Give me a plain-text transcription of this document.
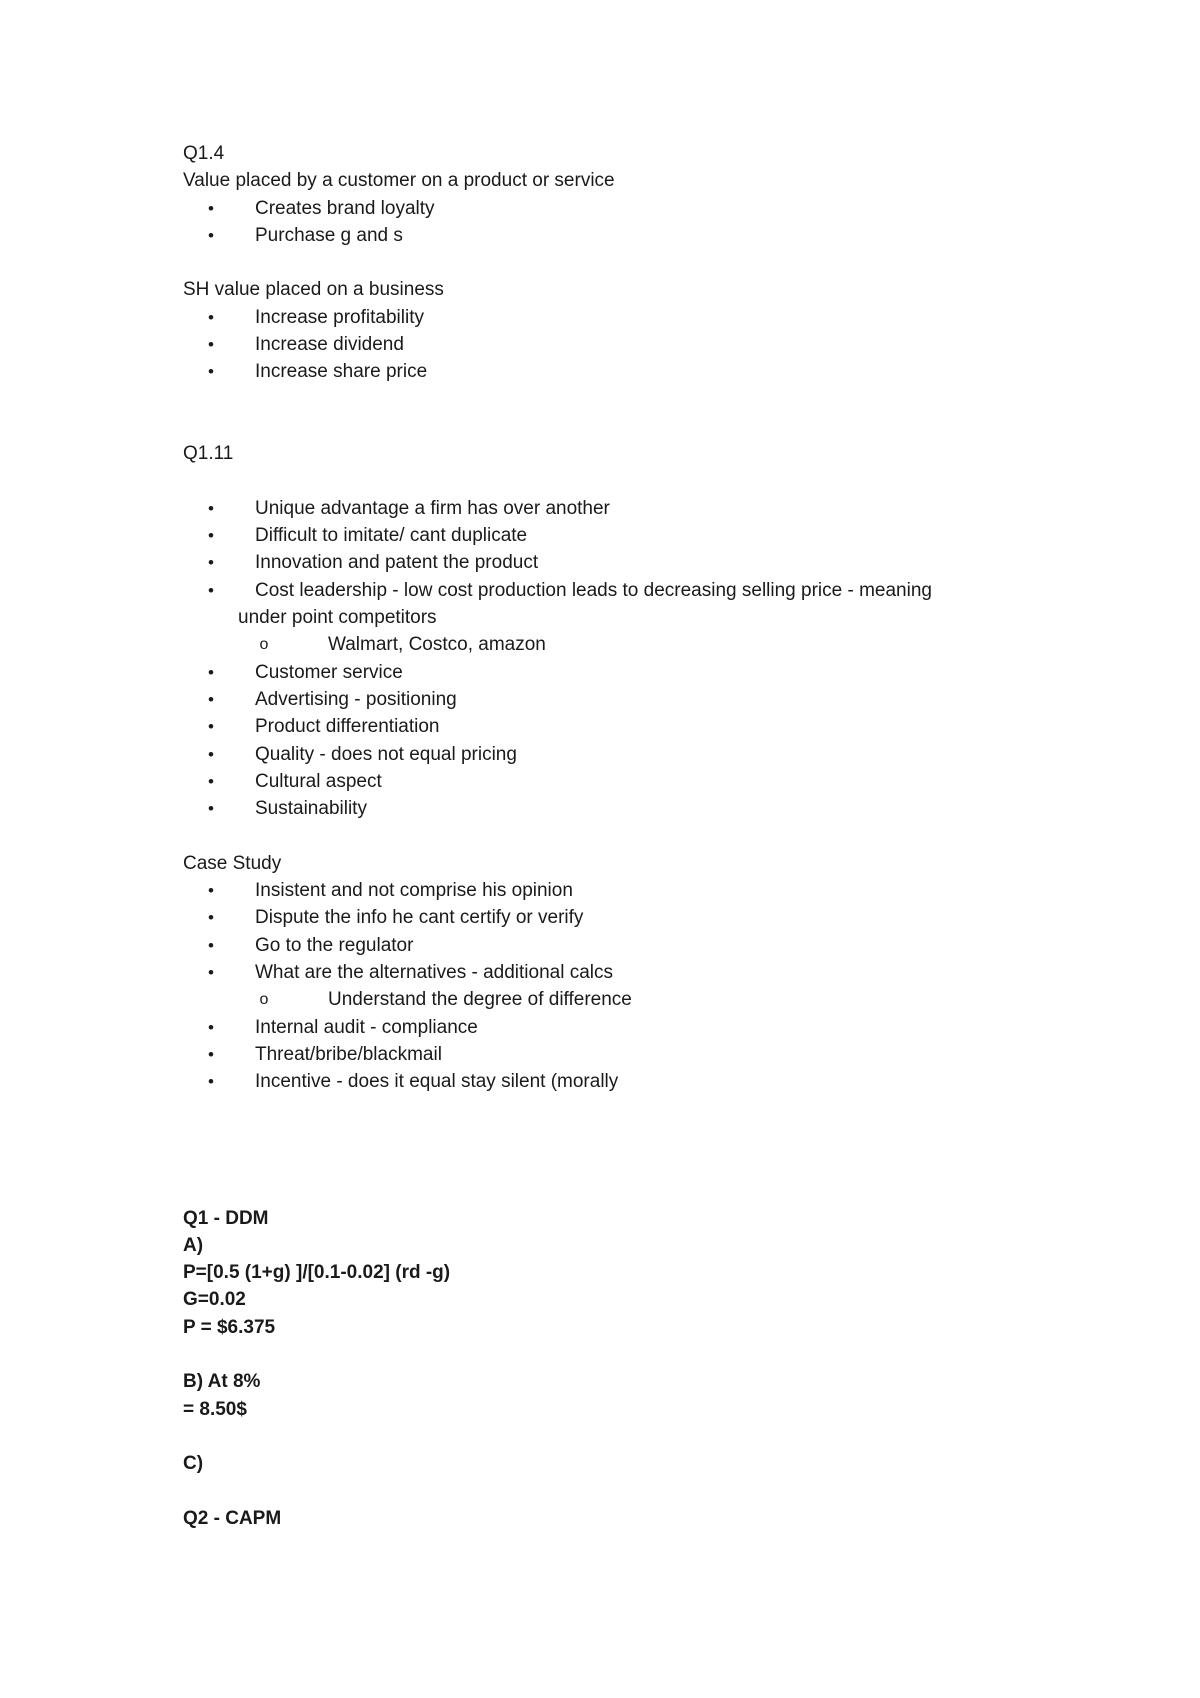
Q1.4
Value placed by a customer on a product or service
• Creates brand loyalty
• Purchase g and s
SH value placed on a business
• Increase profitability
• Increase dividend
• Increase share price
Q1.11
• Unique advantage a firm has over another
• Difficult to imitate/ cant duplicate
• Innovation and patent the product
• Cost leadership - low cost production leads to decreasing selling price - meaning
under point competitors
o	Walmart, Costco, amazon
• Customer service
• Advertising - positioning
• Product differentiation
• Quality - does not equal pricing
• Cultural aspect
• Sustainability
Case Study
• Insistent and not comprise his opinion
• Dispute the info he cant certify or verify
• Go to the regulator
• What are the alternatives - additional calcs
o	Understand the degree of difference
• Internal audit - compliance
• Threat/bribe/blackmail
• Incentive - does it equal stay silent (morally
Q1 - DDM
A)
P=[0.5 (1+g) ]/[0.1-0.02] (rd -g)
G=0.02
P = $6.375
B) At 8%
= 8.50$
C)
Q2 - CAPM
